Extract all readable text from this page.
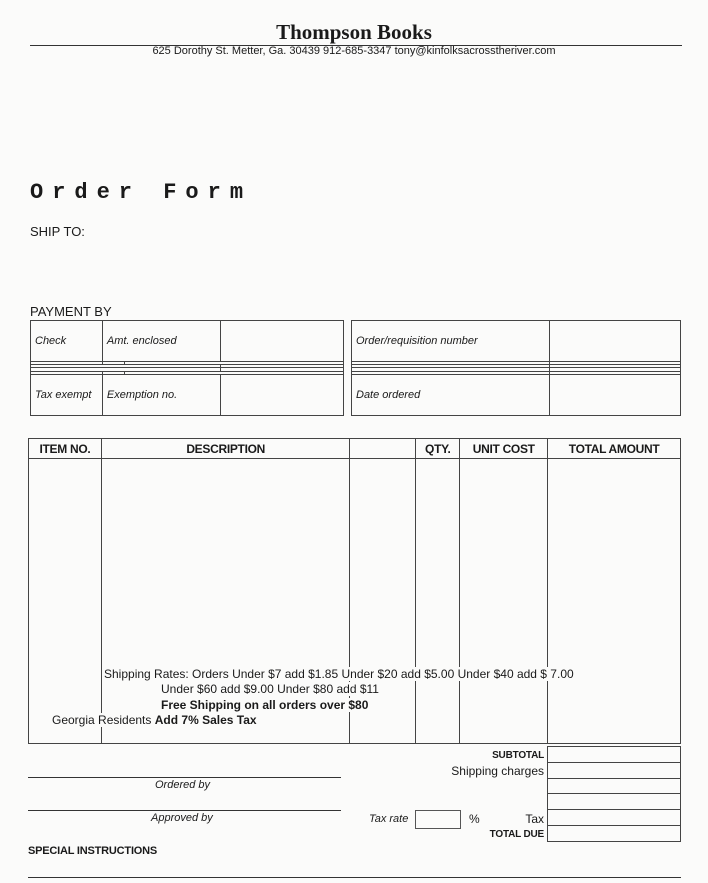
Thompson Books
625 Dorothy St. Metter, Ga. 30439 912-685-3347 tony@kinfolksacrosstheriver.com
Order Form
SHIP TO:
PAYMENT BY
Check	Amt. enclosed		

Tax exempt	Exemption no.		
Order/requisition number	

Date ordered	
ITEM NO.	DESCRIPTION		QTY.	UNIT COST	TOTAL AMOUNT

Shipping Rates: Orders Under $7 add $1.85 Under $20 add $5.00 Under $40 add $ 7.00
Under $60 add $9.00 Under $80 add $11
Free Shipping on all orders over $80
Georgia Residents Add 7% Sales Tax
SUBTOTAL
Shipping charges
Tax
TOTAL DUE

Tax rate	%
Ordered by
Approved by
SPECIAL INSTRUCTIONS
